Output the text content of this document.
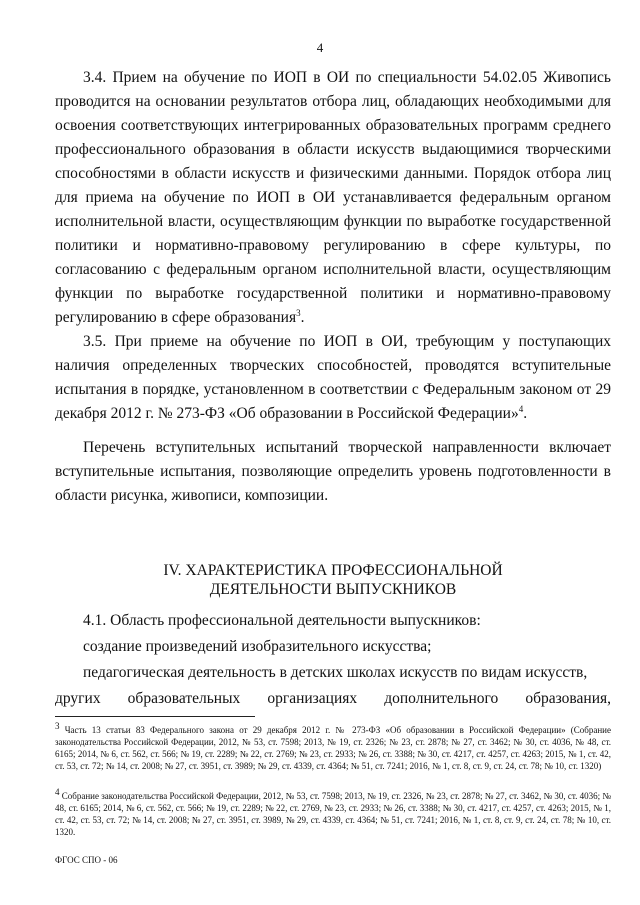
4

3.4. Прием на обучение по ИОП в ОИ по специальности 54.02.05 Живопись проводится на основании результатов отбора лиц, обладающих необходимыми для освоения соответствующих интегрированных образовательных программ среднего профессионального образования в области искусств выдающимися творческими способностями в области искусств и физическими данными. Порядок отбора лиц для приема на обучение по ИОП в ОИ устанавливается федеральным органом исполнительной власти, осуществляющим функции по выработке государственной политики и нормативно-правовому регулированию в сфере культуры, по согласованию с федеральным органом исполнительной власти, осуществляющим функции по выработке государственной политики и нормативно-правовому регулированию в сфере образования$^3$.

3.5. При приеме на обучение по ИОП в ОИ, требующим у поступающих наличия определенных творческих способностей, проводятся вступительные испытания в порядке, установленном в соответствии с Федеральным законом от 29 декабря 2012 г. № 273-ФЗ «Об образовании в Российской Федерации»$^4$.

Перечень вступительных испытаний творческой направленности включает вступительные испытания, позволяющие определить уровень подготовленности в области рисунка, живописи, композиции.

IV. ХАРАКТЕРИСТИКА ПРОФЕССИОНАЛЬНОЙ
ДЕЯТЕЛЬНОСТИ ВЫПУСКНИКОВ

4.1. Область профессиональной деятельности выпускников:

создание произведений изобразительного искусства;

педагогическая деятельность в детских школах искусств по видам искусств,

других образовательных организациях дополнительного образования,

$^3$ Часть 13 статьи 83 Федерального закона от 29 декабря 2012 г. № 273-ФЗ «Об образовании в Российской Федерации» (Собрание законодательства Российской Федерации, 2012, № 53, ст. 7598; 2013, № 19, ст. 2326; № 23, ст. 2878; № 27, ст. 3462; № 30, ст. 4036, № 48, ст. 6165; 2014, № 6, ст. 562, ст. 566; № 19, ст. 2289; № 22, ст. 2769; № 23, ст. 2933; № 26, ст. 3388; № 30, ст. 4217, ст. 4257, ст. 4263; 2015, № 1, ст. 42, ст. 53, ст. 72; № 14, ст. 2008; № 27, ст. 3951, ст. 3989; № 29, ст. 4339, ст. 4364; № 51, ст. 7241; 2016, № 1, ст. 8, ст. 9, ст. 24, ст. 78; № 10, ст. 1320)

$^4$ Собрание законодательства Российской Федерации, 2012, № 53, ст. 7598; 2013, № 19, ст. 2326, № 23, ст. 2878; № 27, ст. 3462, № 30, ст. 4036; № 48, ст. 6165; 2014, № 6, ст. 562, ст. 566; № 19, ст. 2289; № 22, ст. 2769, № 23, ст. 2933; № 26, ст. 3388; № 30, ст. 4217, ст. 4257, ст. 4263; 2015, № 1, ст. 42, ст. 53, ст. 72; № 14, ст. 2008; № 27, ст. 3951, ст. 3989, № 29, ст. 4339, ст. 4364; № 51, ст. 7241; 2016, № 1, ст. 8, ст. 9, ст. 24, ст. 78; № 10, ст. 1320.

ФГОС СПО - 06
